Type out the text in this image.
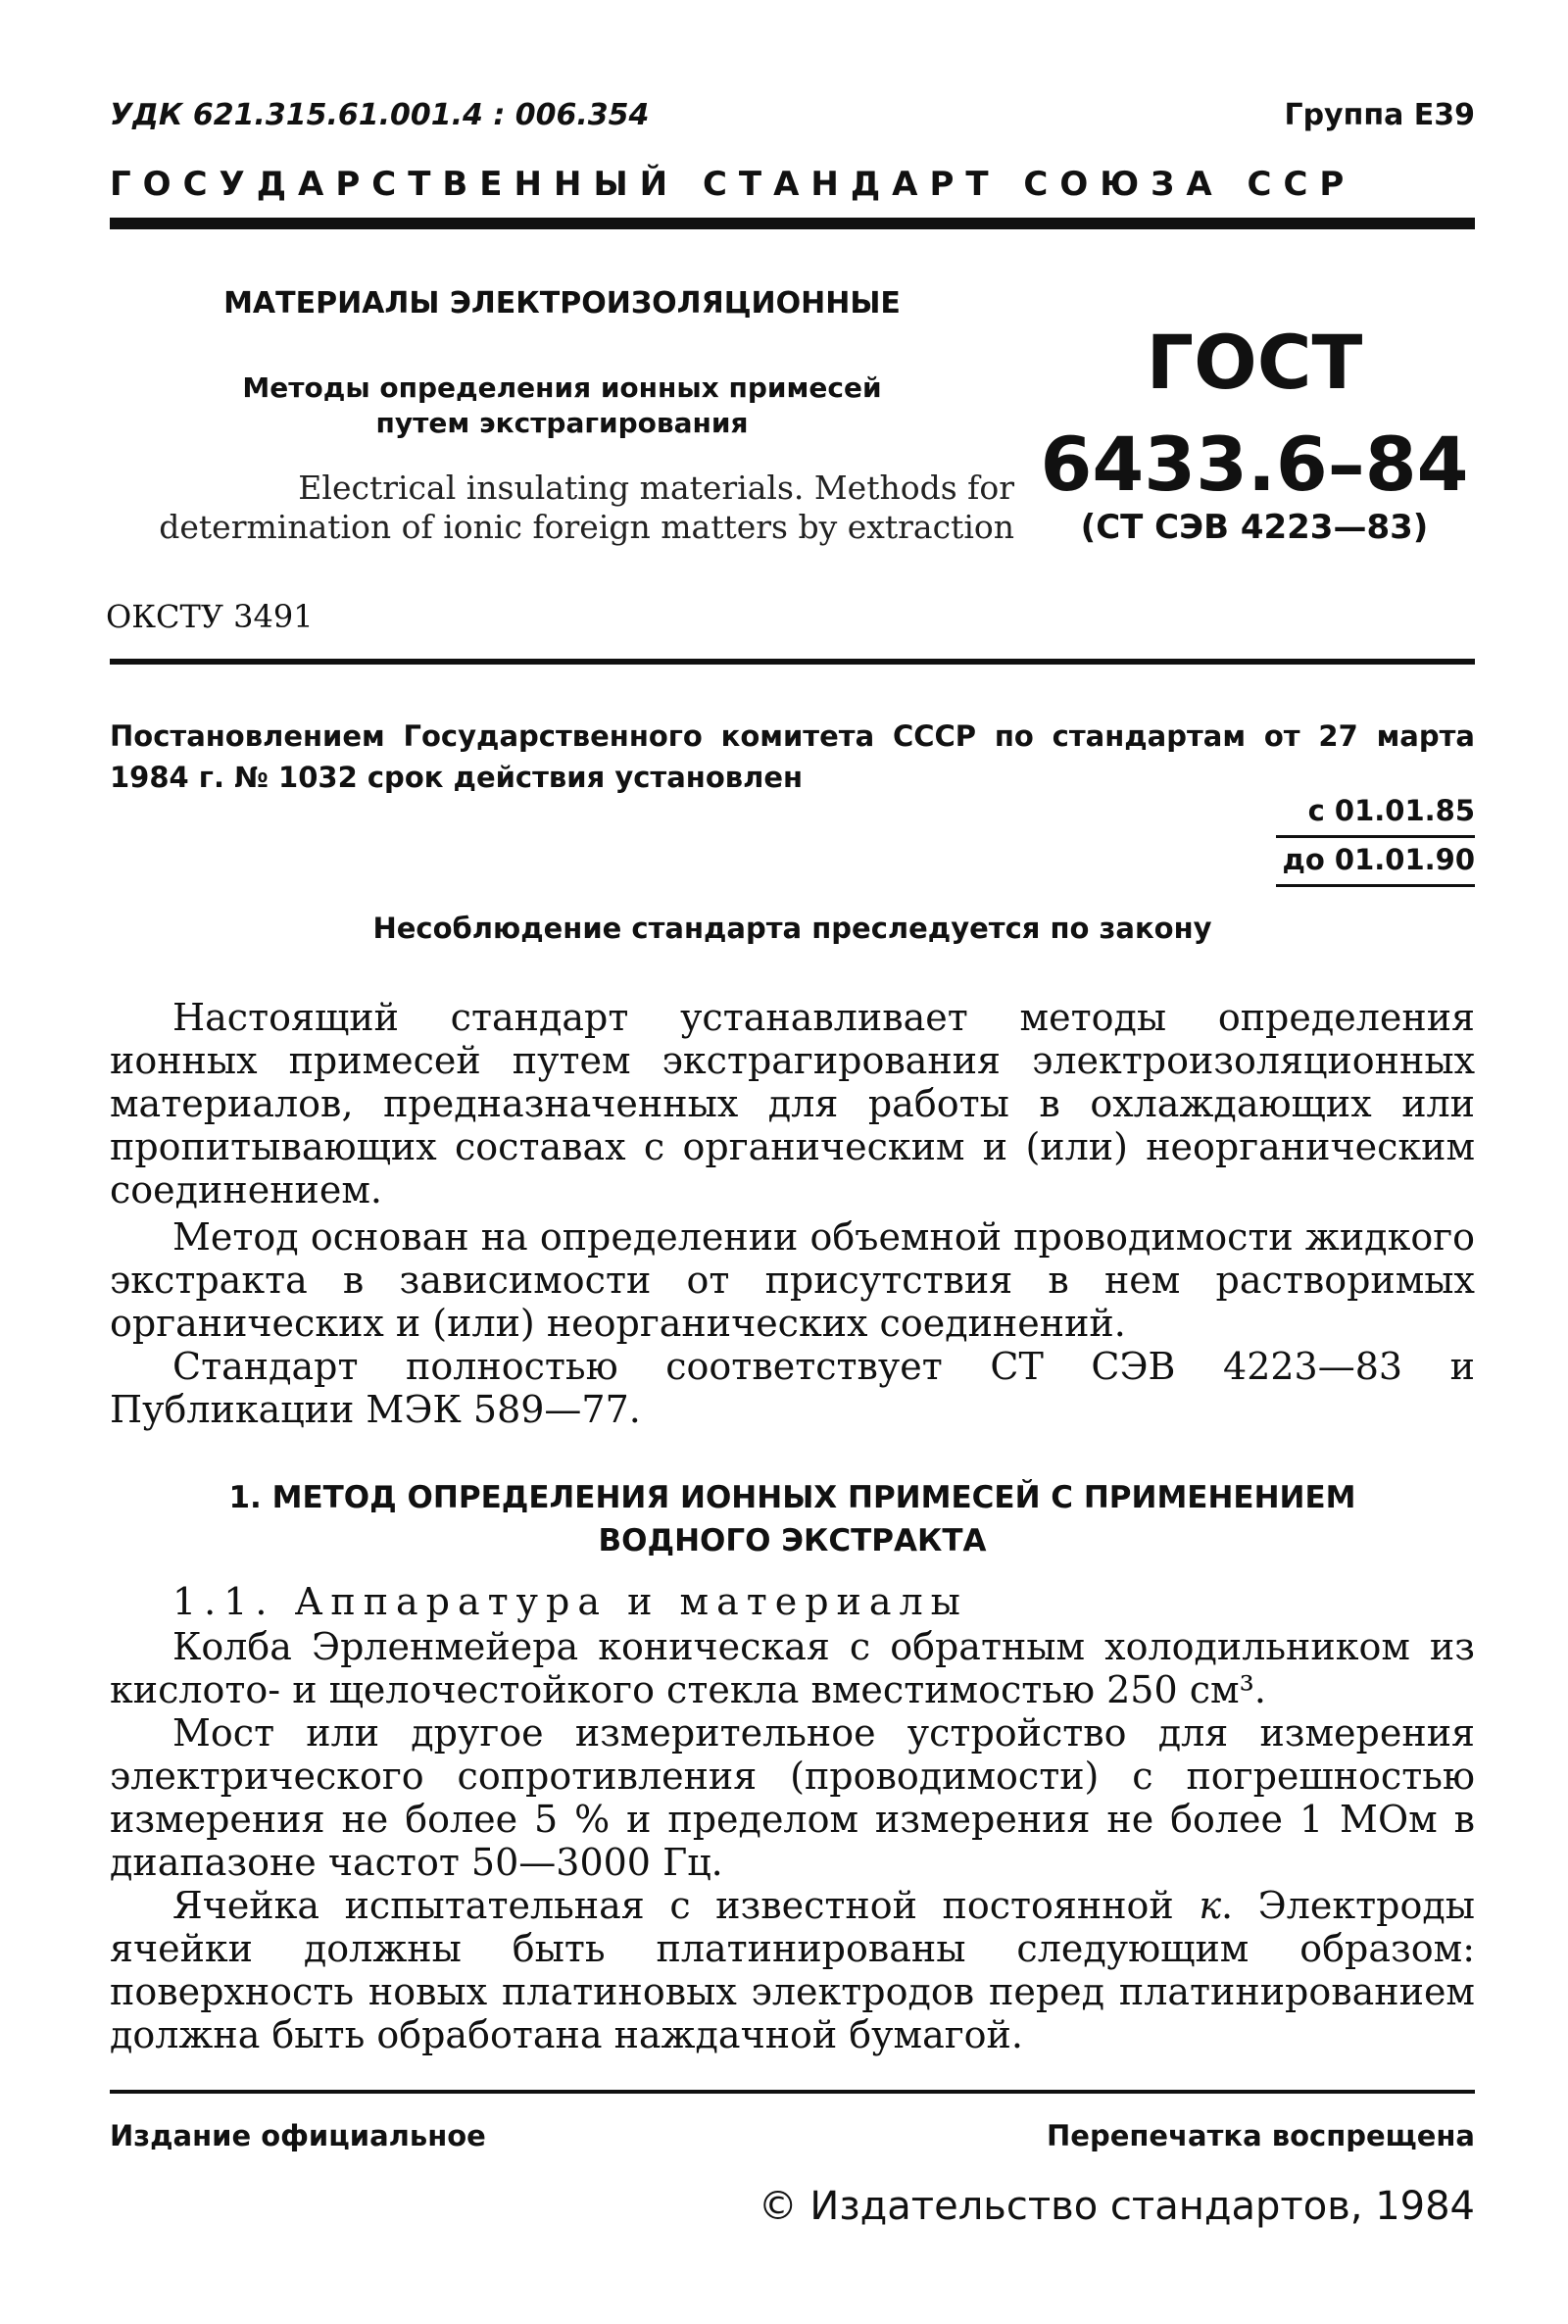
УДК 621.315.61.001.4 : 006.354	Группа Е39
ГОСУДАРСТВЕННЫЙ СТАНДАРТ СОЮЗА ССР
МАТЕРИАЛЫ ЭЛЕКТРОИЗОЛЯЦИОННЫЕ
Методы определения ионных примесей
путем экстрагирования
Electrical insulating materials. Methods for
determination of ionic foreign matters by extraction
ГОСТ
6433.6–84
(СТ СЭВ 4223—83)
ОКСТУ 3491
Постановлением Государственного комитета СССР по стандартам от 27 марта 1984 г. № 1032 срок действия установлен
с 01.01.85
до 01.01.90
Несоблюдение стандарта преследуется по закону

Настоящий стандарт устанавливает методы определения ионных примесей путем экстрагирования электроизоляционных материалов, предназначенных для работы в охлаждающих или пропитывающих составах с органическим и (или) неорганическим соединением.

Метод основан на определении объемной проводимости жидкого экстракта в зависимости от присутствия в нем растворимых органических и (или) неорганических соединений.

Стандарт полностью соответствует СТ СЭВ 4223—83 и Публикации МЭК 589—77.

1. МЕТОД ОПРЕДЕЛЕНИЯ ИОННЫХ ПРИМЕСЕЙ С ПРИМЕНЕНИЕМ
ВОДНОГО ЭКСТРАКТА
1.1. Аппаратура и материалы

Колба Эрленмейера коническая с обратным холодильником из кислото- и щелочестойкого стекла вместимостью 250 см³.

Мост или другое измерительное устройство для измерения электрического сопротивления (проводимости) с погрешностью измерения не более 5 % и пределом измерения не более 1 МОм в диапазоне частот 50—3000 Гц.

Ячейка испытательная с известной постоянной к. Электроды ячейки должны быть платинированы следующим образом: поверхность новых платиновых электродов перед платинированием должна быть обработана наждачной бумагой.

Издание официальное	Перепечатка воспрещена
© Издательство стандартов, 1984
